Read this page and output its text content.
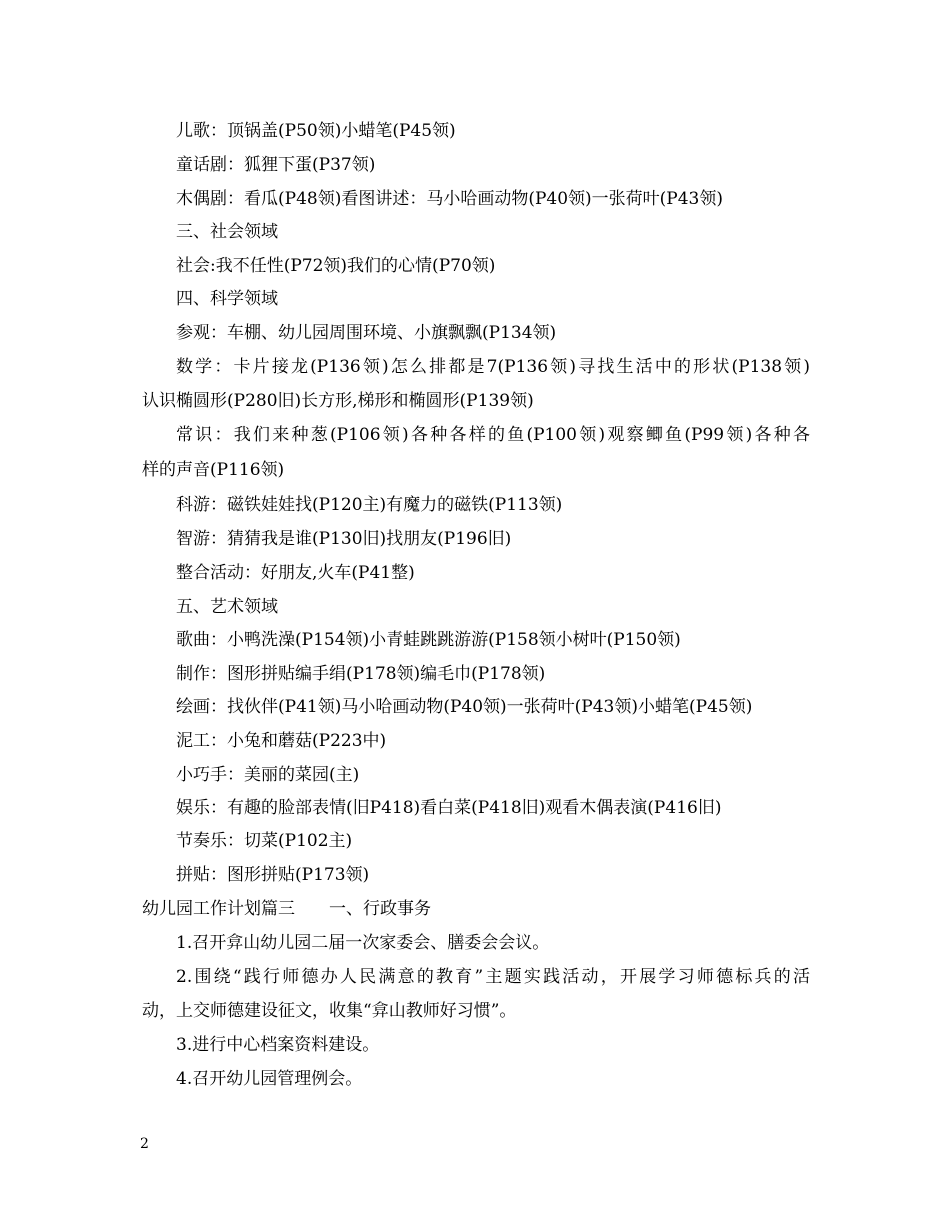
儿歌：顶锅盖(P50领)小蜡笔(P45领)
童话剧：狐狸下蛋(P37领)
木偶剧：看瓜(P48领)看图讲述：马小哈画动物(P40领)一张荷叶(P43领)
三、社会领域
社会:我不任性(P72领)我们的心情(P70领)
四、科学领域
参观：车棚、幼儿园周围环境、小旗飘飘(P134领)
数学：卡片接龙(P136领)怎么排都是7(P136领)寻找生活中的形状(P138领)
认识椭圆形(P280旧)长方形,梯形和椭圆形(P139领)
常识：我们来种葱(P106领)各种各样的鱼(P100领)观察鲫鱼(P99领)各种各
样的声音(P116领)
科游：磁铁娃娃找(P120主)有魔力的磁铁(P113领)
智游：猜猜我是谁(P130旧)找朋友(P196旧)
整合活动：好朋友,火车(P41整)
五、艺术领域
歌曲：小鸭洗澡(P154领)小青蛙跳跳游游(P158领小树叶(P150领)
制作：图形拼贴编手绢(P178领)编毛巾(P178领)
绘画：找伙伴(P41领)马小哈画动物(P40领)一张荷叶(P43领)小蜡笔(P45领)
泥工：小兔和蘑菇(P223中)
小巧手：美丽的菜园(主)
娱乐：有趣的脸部表情(旧P418)看白菜(P418旧)观看木偶表演(P416旧)
节奏乐：切菜(P102主)
拼贴：图形拼贴(P173领)
幼儿园工作计划篇三　　一、行政事务
1.召开弇山幼儿园二届一次家委会、膳委会会议。
2.围绕“践行师德办人民满意的教育”主题实践活动，开展学习师德标兵的活
动，上交师德建设征文，收集“弇山教师好习惯”。
3.进行中心档案资料建设。
4.召开幼儿园管理例会。
2
